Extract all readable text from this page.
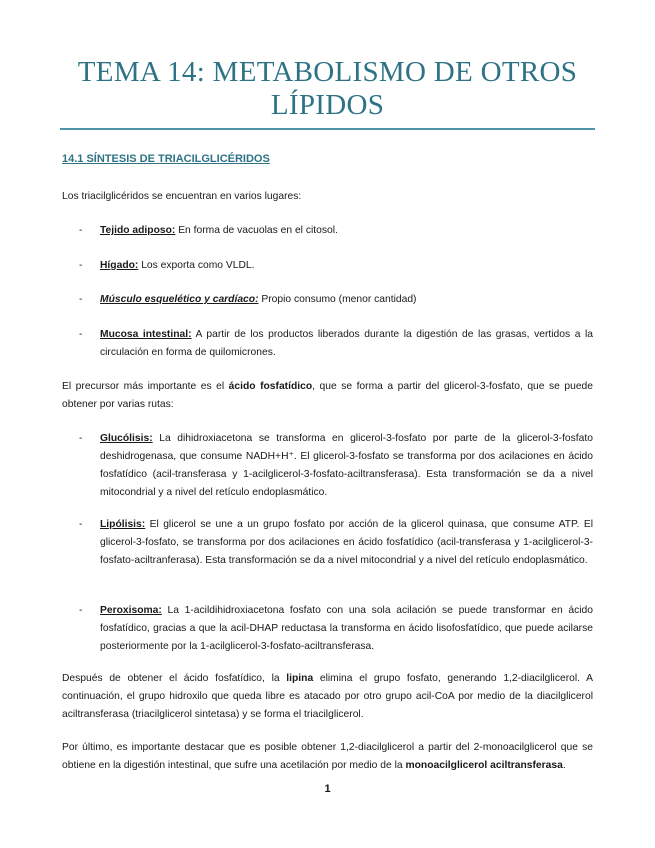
TEMA 14: METABOLISMO DE OTROS LÍPIDOS
14.1 SÍNTESIS DE TRIACILGLICÉRIDOS
Los triacilglicéridos se encuentran en varios lugares:
- Tejido adiposo: En forma de vacuolas en el citosol.
- Hígado: Los exporta como VLDL.
- Músculo esquelético y cardíaco: Propio consumo (menor cantidad)
- Mucosa intestinal: A partir de los productos liberados durante la digestión de las grasas, vertidos a la circulación en forma de quilomicrones.
El precursor más importante es el ácido fosfatídico, que se forma a partir del glicerol-3-fosfato, que se puede obtener por varias rutas:
- Glucólisis: La dihidroxiacetona se transforma en glicerol-3-fosfato por parte de la glicerol-3-fosfato deshidrogenasa, que consume NADH+H⁺. El glicerol-3-fosfato se transforma por dos acilaciones en ácido fosfatídico (acil-transferasa y 1-acilglicerol-3-fosfato-aciltransferasa). Esta transformación se da a nivel mitocondrial y a nivel del retículo endoplasmático.
- Lipólisis: El glicerol se une a un grupo fosfato por acción de la glicerol quinasa, que consume ATP. El glicerol-3-fosfato, se transforma por dos acilaciones en ácido fosfatídico (acil-transferasa y 1-acilglicerol-3-fosfato-aciltranferasa). Esta transformación se da a nivel mitocondrial y a nivel del retículo endoplasmático.
- Peroxisoma: La 1-acildihidroxiacetona fosfato con una sola acilación se puede transformar en ácido fosfatídico, gracias a que la acil-DHAP reductasa la transforma en ácido lisofosfatídico, que puede acilarse posteriormente por la 1-acilglicerol-3-fosfato-aciltransferasa.
Después de obtener el ácido fosfatídico, la lipina elimina el grupo fosfato, generando 1,2-diacilglicerol. A continuación, el grupo hidroxilo que queda libre es atacado por otro grupo acil-CoA por medio de la diacilglicerol aciltransferasa (triacilglicerol sintetasa) y se forma el triacilglicerol.
Por último, es importante destacar que es posible obtener 1,2-diacilglicerol a partir del 2-monoacilglicerol que se obtiene en la digestión intestinal, que sufre una acetilación por medio de la monoacilglicerol aciltransferasa.
1
